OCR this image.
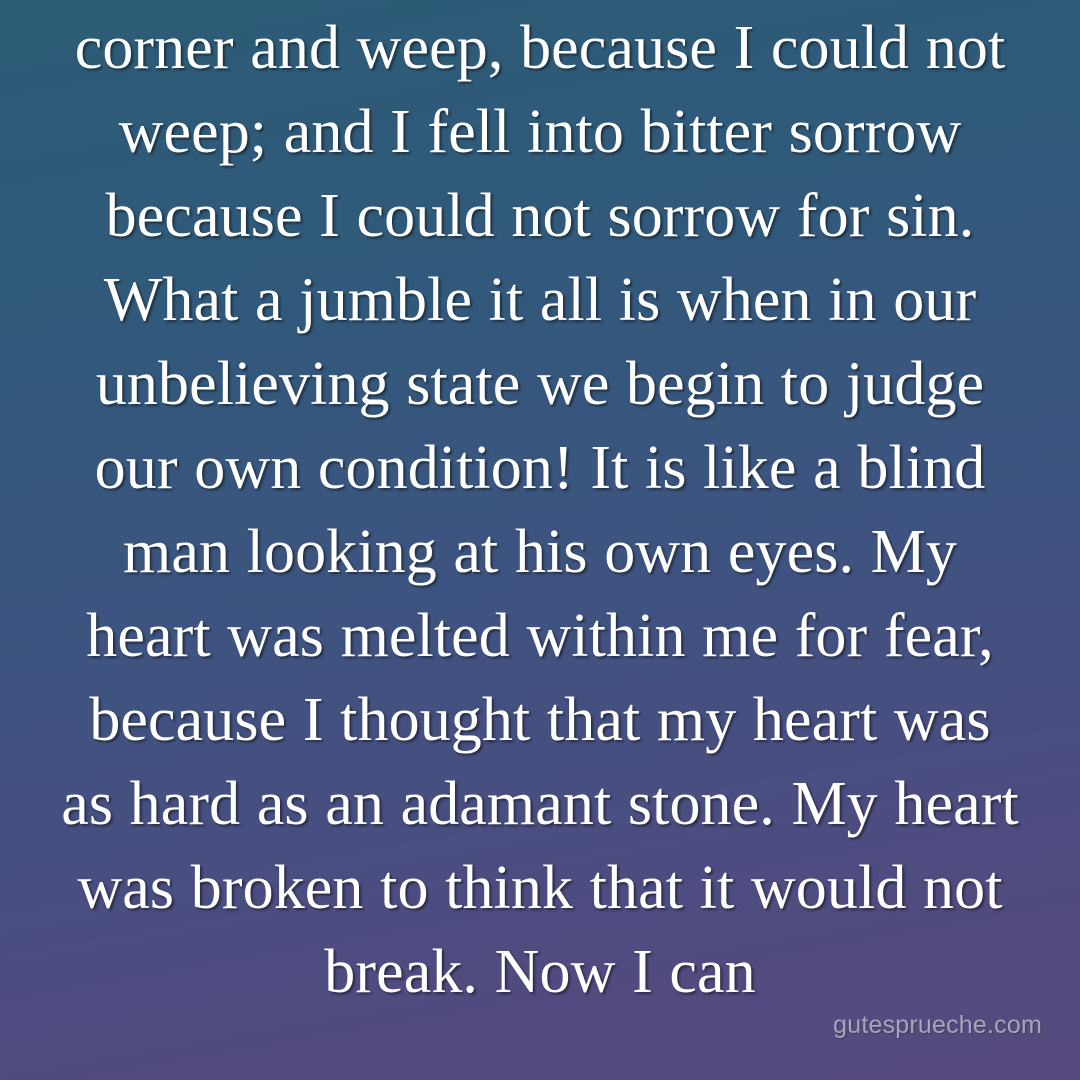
corner and weep, because I could not weep; and I fell into bitter sorrow because I could not sorrow for sin. What a jumble it all is when in our unbelieving state we begin to judge our own condition! It is like a blind man looking at his own eyes. My heart was melted within me for fear, because I thought that my heart was as hard as an adamant stone. My heart was broken to think that it would not break. Now I can
gutesprueche.com
